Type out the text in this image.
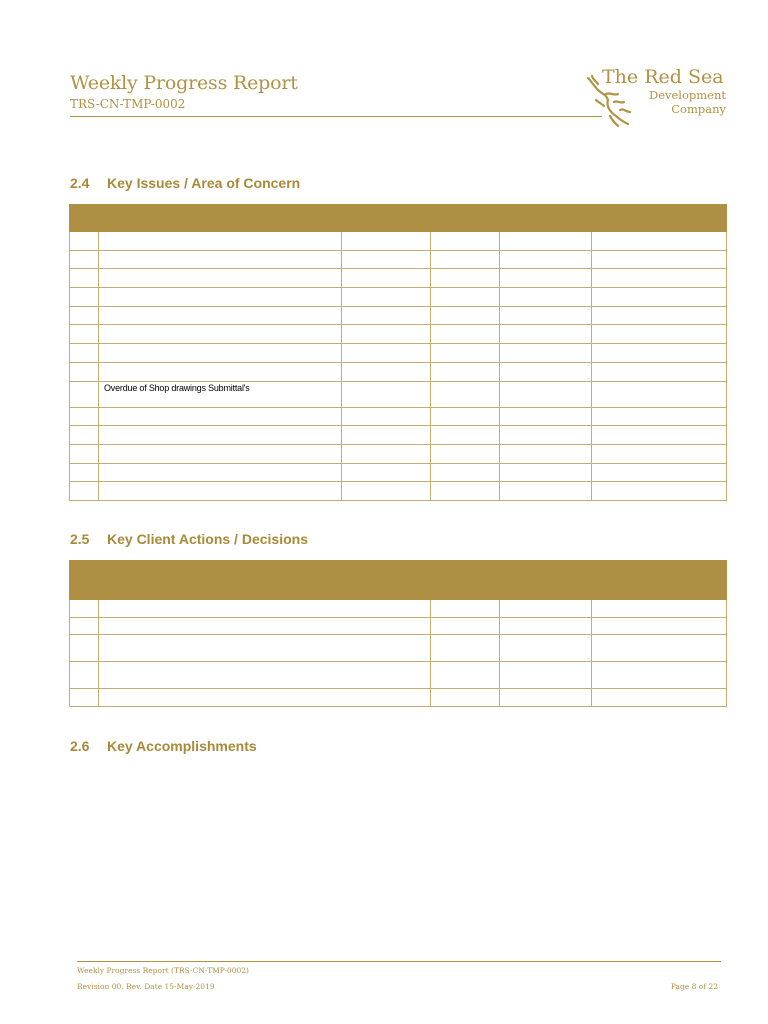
Weekly Progress Report
TRS-CN-TMP-0002
The Red Sea
Development
Company
2.4 Key Issues / Area of Concern

	Overdue of Shop drawings Submittal's				

2.5 Key Client Actions / Decisions

2.6 Key Accomplishments
Weekly Progress Report (TRS-CN-TMP-0002)
Revision 00, Rev. Date 15-May-2019	Page 8 of 22
